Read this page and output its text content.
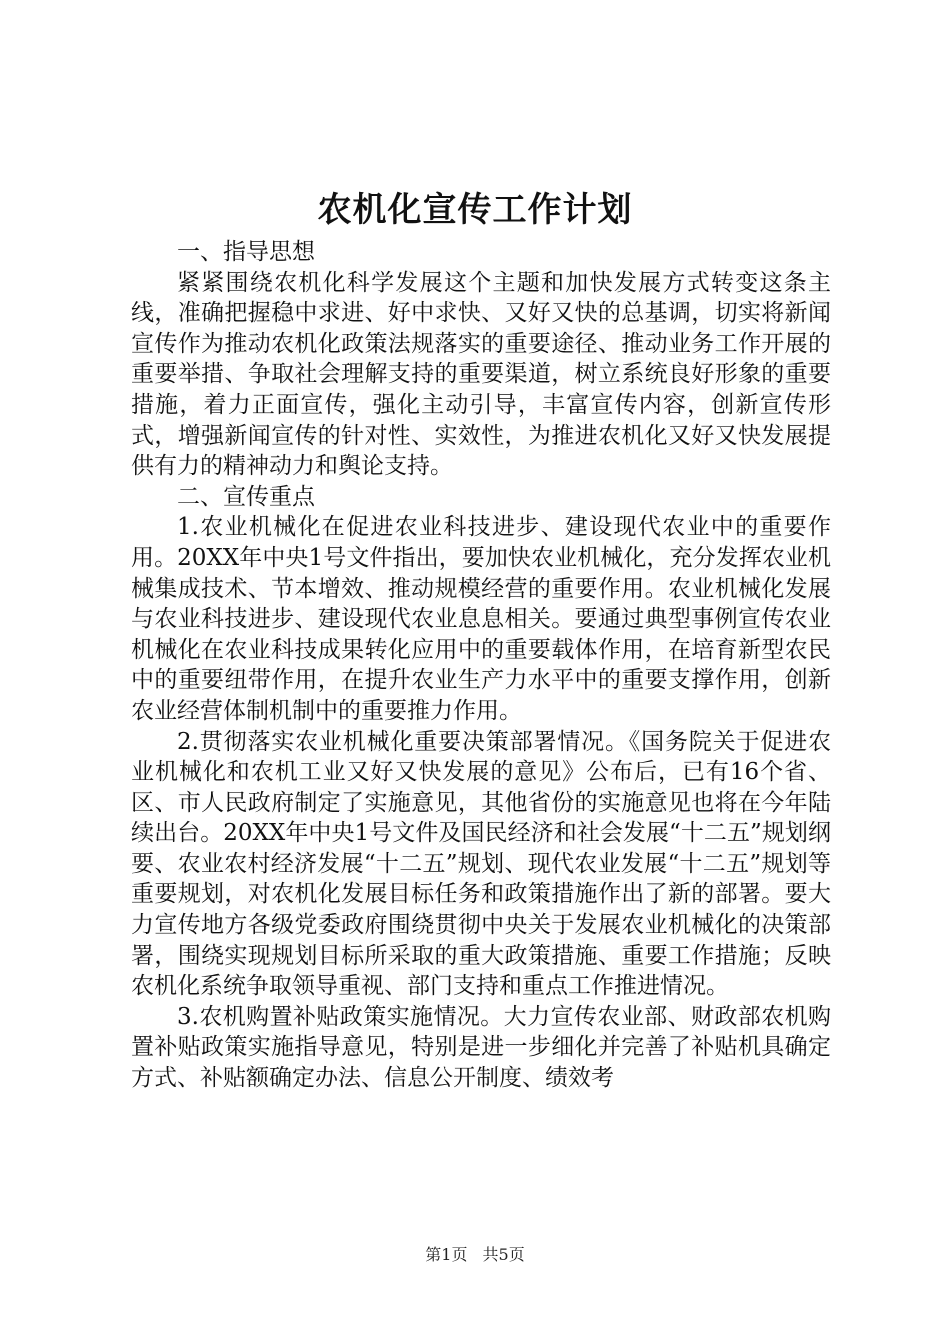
农机化宣传工作计划

一、指导思想

紧紧围绕农机化科学发展这个主题和加快发展方式转变这条主线，准确把握稳中求进、好中求快、又好又快的总基调，切实将新闻宣传作为推动农机化政策法规落实的重要途径、推动业务工作开展的重要举措、争取社会理解支持的重要渠道，树立系统良好形象的重要措施，着力正面宣传，强化主动引导，丰富宣传内容，创新宣传形式，增强新闻宣传的针对性、实效性，为推进农机化又好又快发展提供有力的精神动力和舆论支持。

二、宣传重点

1.农业机械化在促进农业科技进步、建设现代农业中的重要作用。20XX年中央1号文件指出，要加快农业机械化，充分发挥农业机械集成技术、节本增效、推动规模经营的重要作用。农业机械化发展与农业科技进步、建设现代农业息息相关。要通过典型事例宣传农业机械化在农业科技成果转化应用中的重要载体作用，在培育新型农民中的重要纽带作用，在提升农业生产力水平中的重要支撑作用，创新农业经营体制机制中的重要推力作用。

2.贯彻落实农业机械化重要决策部署情况。《国务院关于促进农业机械化和农机工业又好又快发展的意见》公布后，已有16个省、区、市人民政府制定了实施意见，其他省份的实施意见也将在今年陆续出台。20XX年中央1号文件及国民经济和社会发展“十二五”规划纲要、农业农村经济发展“十二五”规划、现代农业发展“十二五”规划等重要规划，对农机化发展目标任务和政策措施作出了新的部署。要大力宣传地方各级党委政府围绕贯彻中央关于发展农业机械化的决策部署，围绕实现规划目标所采取的重大政策措施、重要工作措施；反映农机化系统争取领导重视、部门支持和重点工作推进情况。

3.农机购置补贴政策实施情况。大力宣传农业部、财政部农机购置补贴政策实施指导意见，特别是进一步细化并完善了补贴机具确定方式、补贴额确定办法、信息公开制度、绩效考

第1页 共5页
